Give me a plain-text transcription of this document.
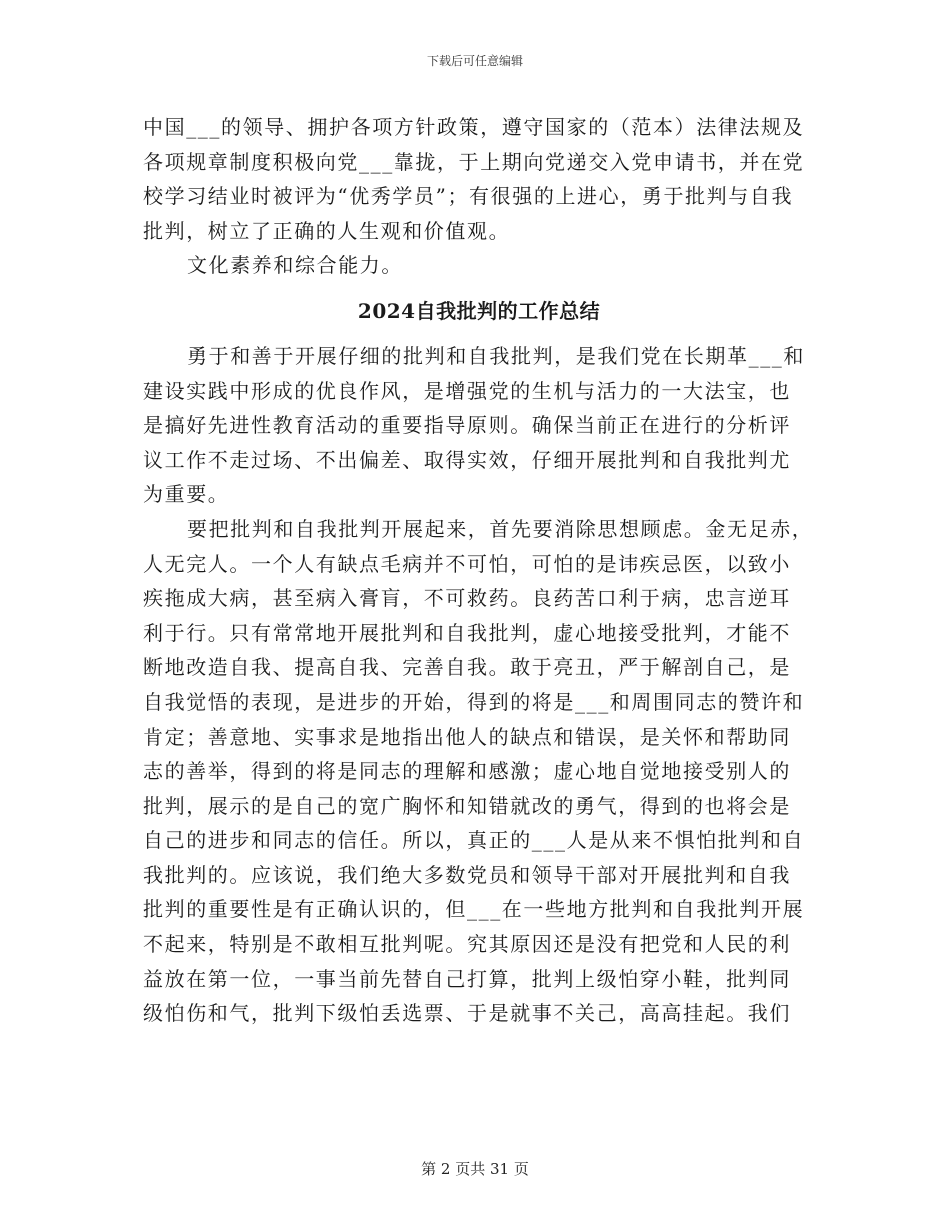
下载后可任意编辑
中国___的领导、拥护各项方针政策，遵守国家的（范本）法律法规及
各项规章制度积极向党___靠拢，于上期向党递交入党申请书，并在党
校学习结业时被评为“优秀学员”；有很强的上进心，勇于批判与自我
批判，树立了正确的人生观和价值观。
文化素养和综合能力。
2024自我批判的工作总结
勇于和善于开展仔细的批判和自我批判，是我们党在长期革___和
建设实践中形成的优良作风，是增强党的生机与活力的一大法宝，也
是搞好先进性教育活动的重要指导原则。确保当前正在进行的分析评
议工作不走过场、不出偏差、取得实效，仔细开展批判和自我批判尤
为重要。
要把批判和自我批判开展起来，首先要消除思想顾虑。金无足赤，
人无完人。一个人有缺点毛病并不可怕，可怕的是讳疾忌医，以致小
疾拖成大病，甚至病入膏肓，不可救药。良药苦口利于病，忠言逆耳
利于行。只有常常地开展批判和自我批判，虚心地接受批判，才能不
断地改造自我、提高自我、完善自我。敢于亮丑，严于解剖自己，是
自我觉悟的表现，是进步的开始，得到的将是___和周围同志的赞许和
肯定；善意地、实事求是地指出他人的缺点和错误，是关怀和帮助同
志的善举，得到的将是同志的理解和感激；虚心地自觉地接受别人的
批判，展示的是自己的宽广胸怀和知错就改的勇气，得到的也将会是
自己的进步和同志的信任。所以，真正的___人是从来不惧怕批判和自
我批判的。应该说，我们绝大多数党员和领导干部对开展批判和自我
批判的重要性是有正确认识的，但___在一些地方批判和自我批判开展
不起来，特别是不敢相互批判呢。究其原因还是没有把党和人民的利
益放在第一位，一事当前先替自己打算，批判上级怕穿小鞋，批判同
级怕伤和气，批判下级怕丢选票、于是就事不关己，高高挂起。我们
第 2 页共 31 页
